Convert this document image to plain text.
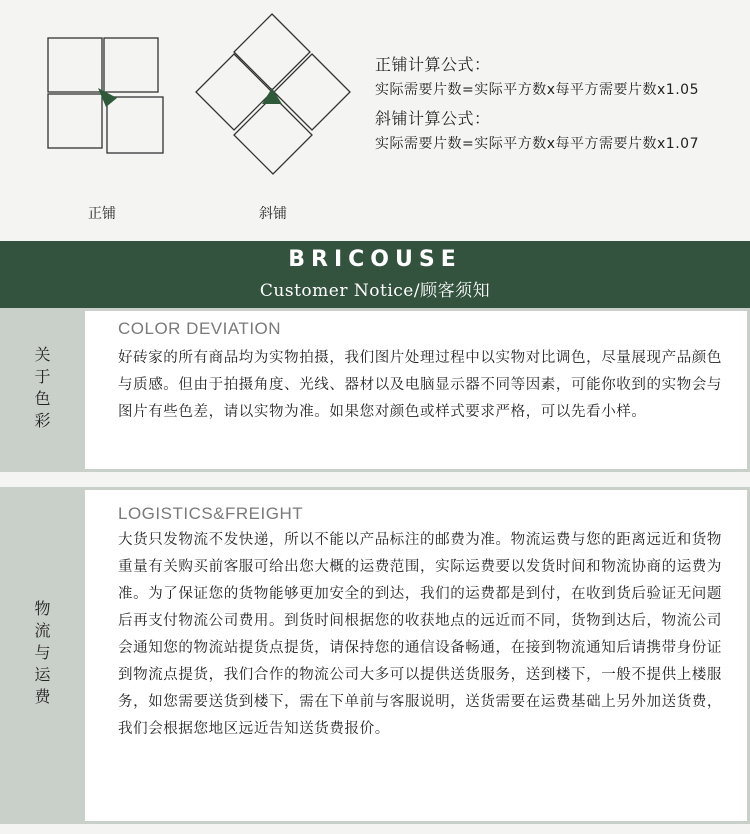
正铺	斜铺
正铺计算公式：
实际需要片数=实际平方数x每平方需要片数x1.05
斜铺计算公式：
实际需要片数=实际平方数x每平方需要片数x1.07
BRICOUSE
Customer Notice/顾客须知
关
于
色
彩
COLOR DEVIATION
好砖家的所有商品均为实物拍摄，我们图片处理过程中以实物对比调色，尽量展现产品颜色与质感。但由于拍摄角度、光线、器材以及电脑显示器不同等因素，可能你收到的实物会与图片有些色差，请以实物为准。如果您对颜色或样式要求严格，可以先看小样。
物
流
与
运
费
LOGISTICS&FREIGHT
大货只发物流不发快递，所以不能以产品标注的邮费为准。物流运费与您的距离远近和货物重量有关购买前客服可给出您大概的运费范围，实际运费要以发货时间和物流协商的运费为准。为了保证您的货物能够更加安全的到达，我们的运费都是到付，在收到货后验证无问题后再支付物流公司费用。到货时间根据您的收获地点的远近而不同，货物到达后，物流公司会通知您的物流站提货点提货，请保持您的通信设备畅通，在接到物流通知后请携带身份证到物流点提货，我们合作的物流公司大多可以提供送货服务，送到楼下，一般不提供上楼服务，如您需要送货到楼下，需在下单前与客服说明，送货需要在运费基础上另外加送货费，我们会根据您地区远近告知送货费报价。
